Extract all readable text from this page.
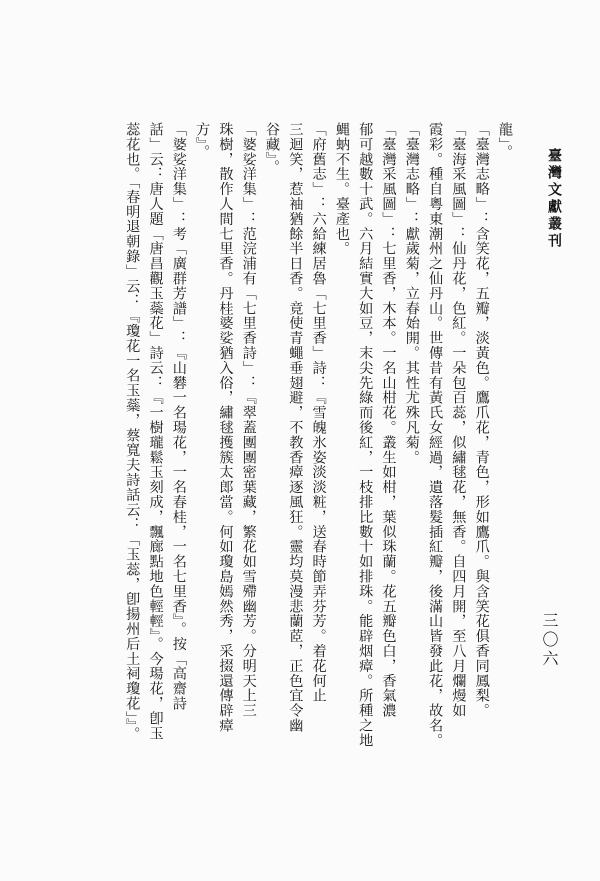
臺灣文獻叢刊
三〇六
龍」。
「臺灣志略」：含笑花，五瓣，淡黃色。鷹爪花，青色，形如鷹爪。與含笑花俱香同鳳梨。
「臺海采風圖」：仙丹花，色紅。一朵包百蕊，似繡毬花，無香。自四月開，至八月爛熳如
霞彩。種自粵東潮州之仙丹山。世傳昔有黃氏女經過，遺落髮插紅瓣，後滿山皆發此花，故名。
「臺灣志略」：獻歲菊，立春始開。其性尤殊凡菊。
「臺灣采風圖」：七里香，木本。一名山柑花。叢生如柑，葉似珠蘭。花五瓣色白，香氣濃
郁可越數十武。六月結實大如豆，末尖先綠而後紅，一枝排比數十如排珠。能辟烟瘴。所種之地
蝿蚋不生。臺產也。
「府舊志」：六給練居魯「七里香」詩：『雪魄氷姿淡淡粧，送春時節弄芬芳。着花何止
三迴笑，惹袖猶餘半日香。竟使青蠅垂翅避，不教香瘴逐風狂。靈均莫漫悲蘭茝，正色宜令幽
谷藏』。
「婆娑洋集」：范浣浦有「七里香詩」：『翠蓋團團密葉藏，繁花如雪殢幽芳。分明天上三
珠樹，散作人間七里香。丹桂婆娑猶入俗，繡毬擭簇太郎當。何如瓊島嫣然秀，采掇還傳辟瘴
方』。
「婆娑洋集」：考「廣群芳譜」：『山礬一名瑒花，一名春桂，一名七里香』。按「高齋詩
話」云：唐人題「唐昌觀玉蘂花」詩云：『一樹瓏鬆玉刻成，飄廊點地色輕輕』。今瑒花，卽玉
蕊花也。「春明退朝錄」云：『瓊花一名玉蘂，蔡寬夫詩話云：「玉蕊，卽揚州后土祠瓊花」』。
